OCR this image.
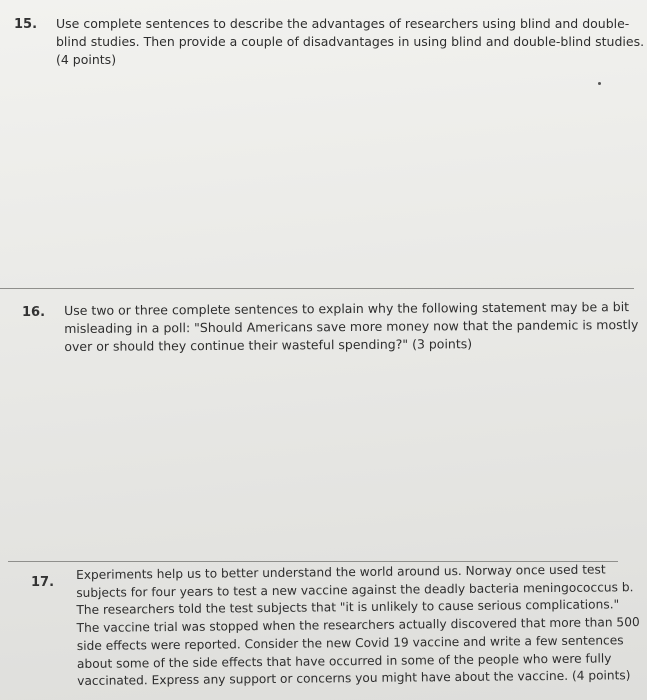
15. Use complete sentences to describe the advantages of researchers using blind and double-
blind studies. Then provide a couple of disadvantages in using blind and double-blind studies.
(4 points)
16. Use two or three complete sentences to explain why the following statement may be a bit
misleading in a poll: "Should Americans save more money now that the pandemic is mostly
over or should they continue their wasteful spending?" (3 points)
17.
Experiments help us to better understand the world around us. Norway once used test
subjects for four years to test a new vaccine against the deadly bacteria meningococcus b.
The researchers told the test subjects that "it is unlikely to cause serious complications."
The vaccine trial was stopped when the researchers actually discovered that more than 500
side effects were reported. Consider the new Covid 19 vaccine and write a few sentences
about some of the side effects that have occurred in some of the people who were fully
vaccinated. Express any support or concerns you might have about the vaccine. (4 points)
